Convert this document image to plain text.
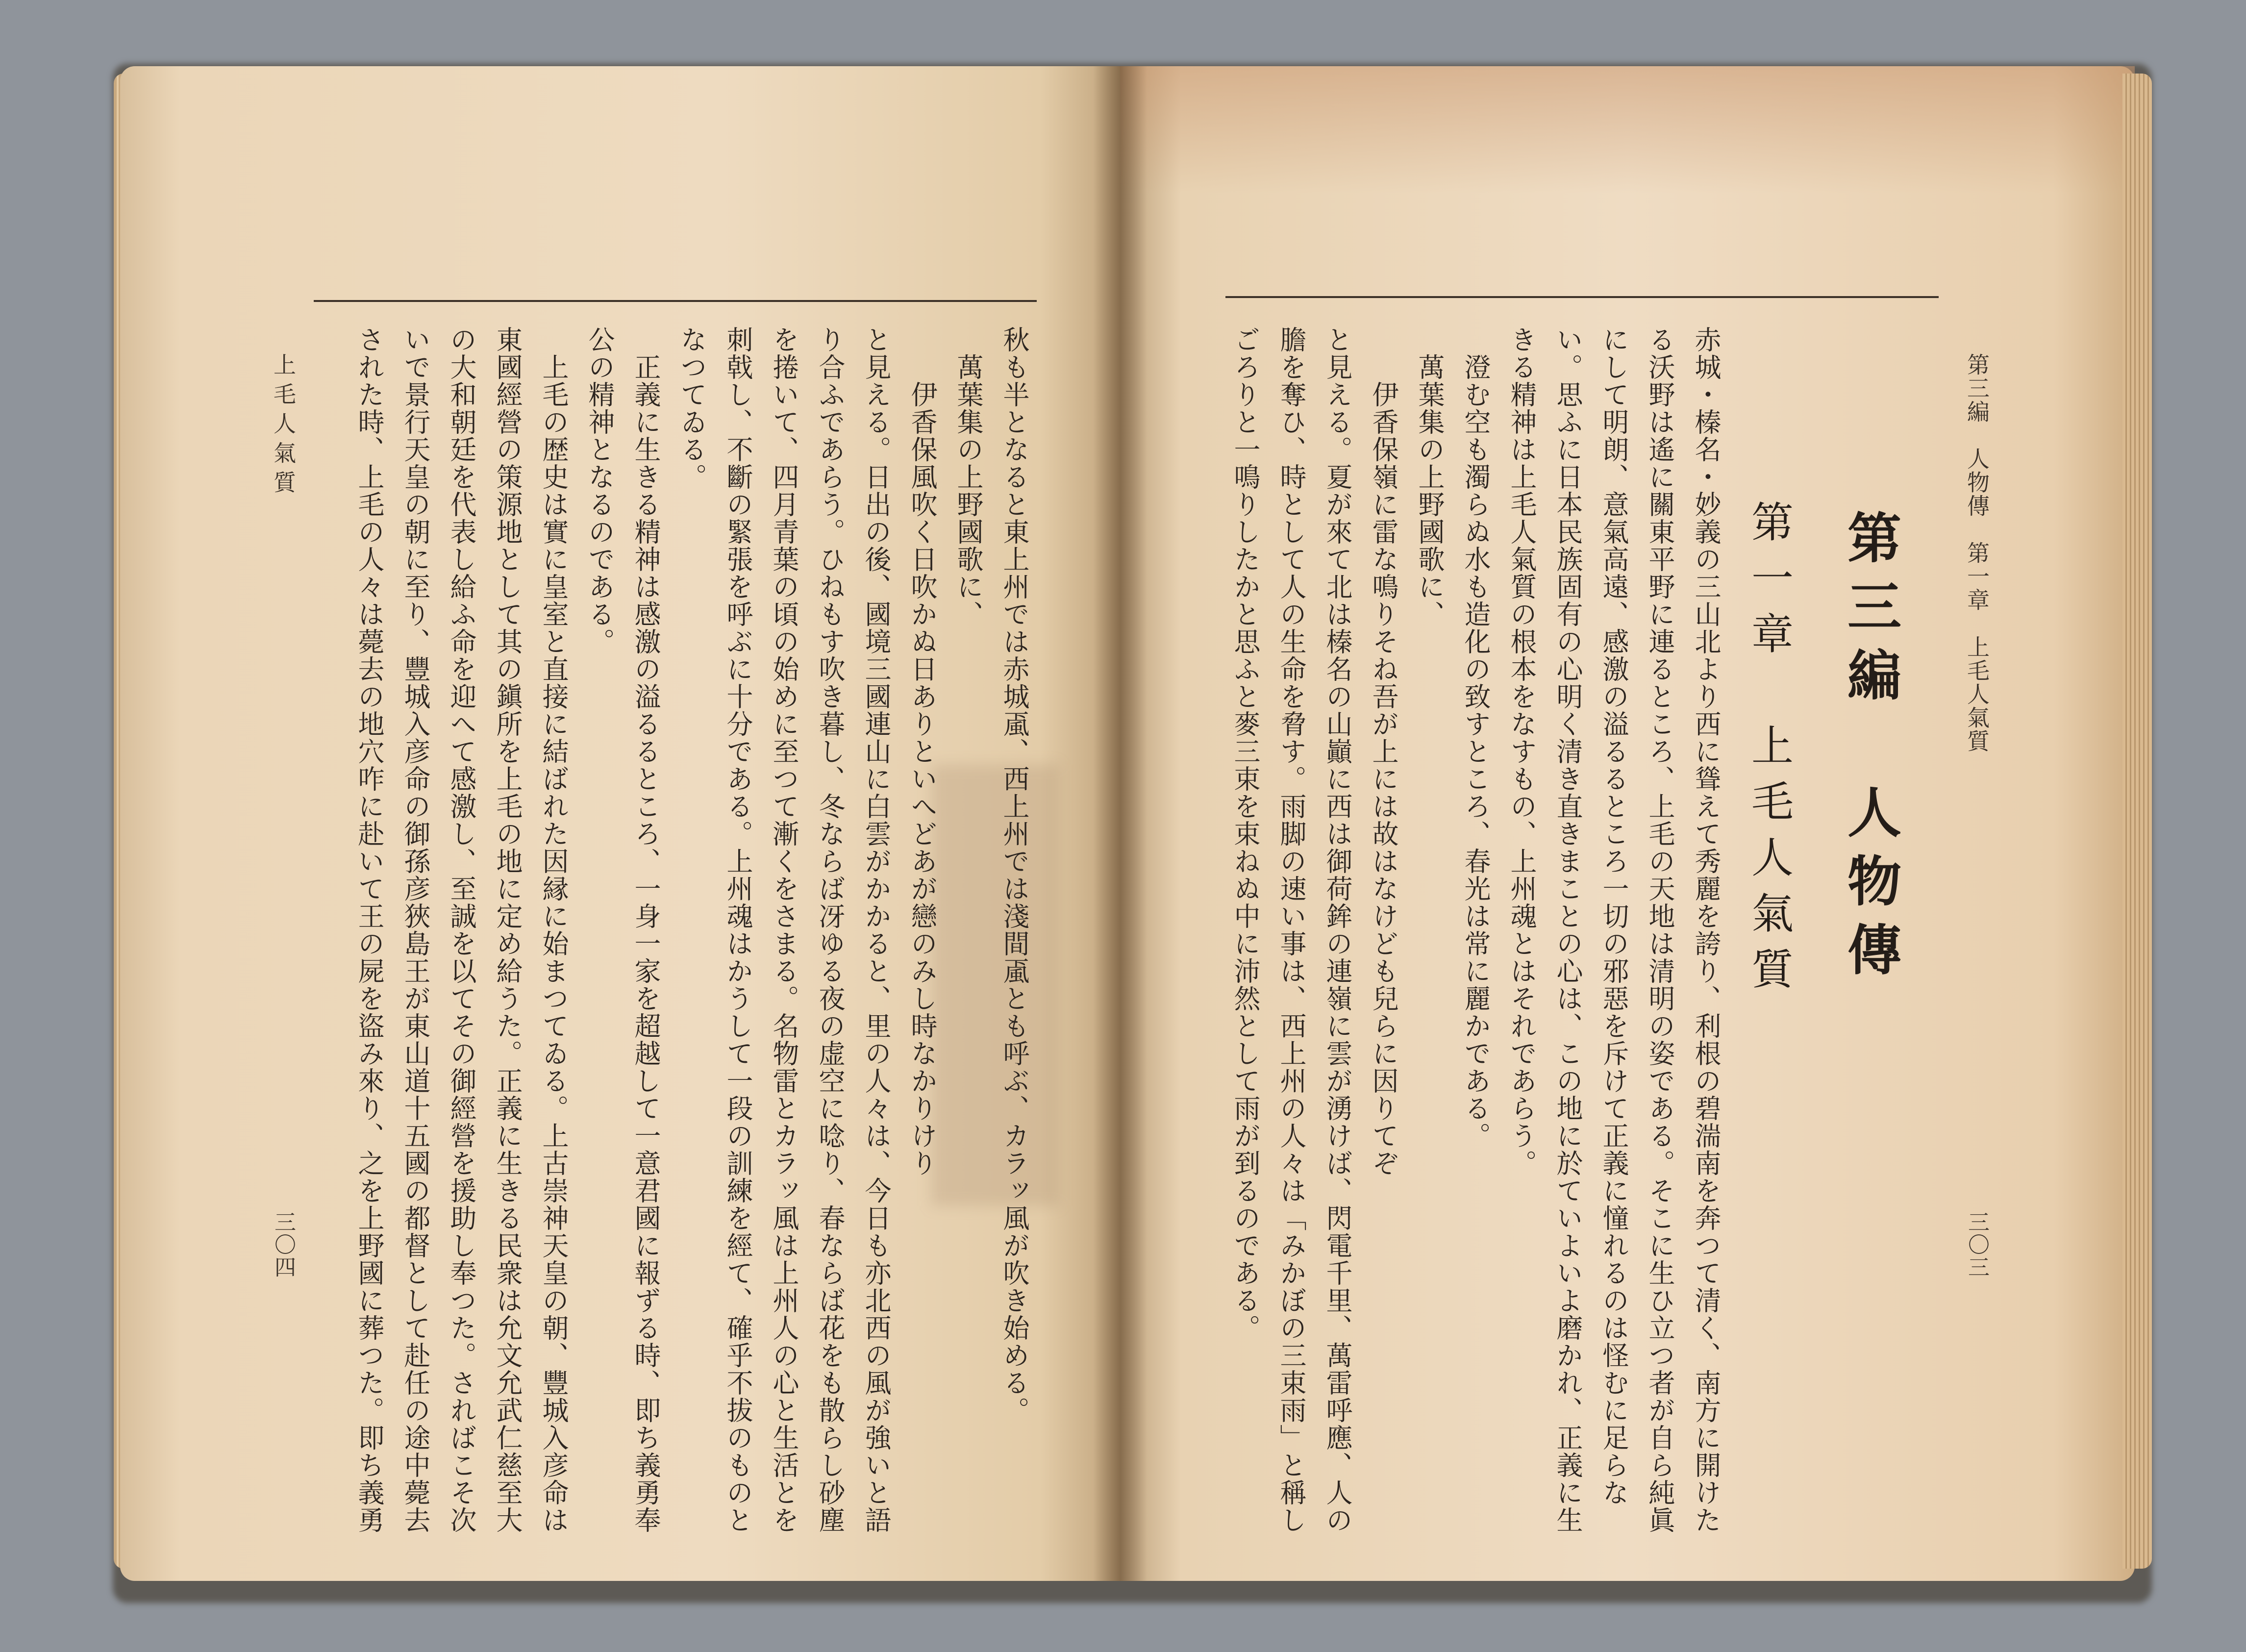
秋も半となると東上州では赤城颪、西上州では淺間颪とも呼ぶ、カラッ風が吹き始める。
　萬葉集の上野國歌に、
　　伊香保風吹く日吹かぬ日ありといへどあが戀のみし時なかりけり
と見える。日出の後、國境三國連山に白雲がかかると、里の人々は、今日も亦北西の風が強いと語
り合ふであらう。ひねもす吹き暮し、冬ならば冴ゆる夜の虚空に唸り、春ならば花をも散らし砂塵
を捲いて、四月青葉の頃の始めに至つて漸くをさまる。名物雷とカラッ風は上州人の心と生活とを
刺戟し、不斷の緊張を呼ぶに十分である。上州魂はかうして一段の訓練を經て、確乎不拔のものと
なつてゐる。
　正義に生きる精神は感激の溢るるところ、一身一家を超越して一意君國に報ずる時、即ち義勇奉
公の精神となるのである。
　上毛の歴史は實に皇室と直接に結ばれた因縁に始まつてゐる。上古崇神天皇の朝、豐城入彦命は
東國經營の策源地として其の鎭所を上毛の地に定め給うた。正義に生きる民衆は允文允武仁慈至大
の大和朝廷を代表し給ふ命を迎へて感激し、至誠を以てその御經營を援助し奉つた。さればこそ次
いで景行天皇の朝に至り、豐城入彦命の御孫彦狹島王が東山道十五國の都督として赴任の途中薨去
された時、上毛の人々は薨去の地穴咋に赴いて王の屍を盜み來り、之を上野國に葬つた。即ち義勇
上毛人氣質
三〇四
第三編　人物傳　第一章　上毛人氣質
三〇三
第三編　人物傳
第一章　上毛人氣質
赤城・榛名・妙義の三山北より西に聳えて秀麗を誇り、利根の碧湍南を奔つて清く、南方に開けた
る沃野は遙に關東平野に連るところ、上毛の天地は清明の姿である。そこに生ひ立つ者が自ら純眞
にして明朗、意氣高遠、感激の溢るるところ一切の邪惡を斥けて正義に憧れるのは怪むに足らな
い。思ふに日本民族固有の心明く清き直きまことの心は、この地に於ていよいよ磨かれ、正義に生
きる精神は上毛人氣質の根本をなすもの、上州魂とはそれであらう。
　澄む空も濁らぬ水も造化の致すところ、春光は常に麗かである。
　萬葉集の上野國歌に、
　　伊香保嶺に雷な鳴りそね吾が上には故はなけども兒らに因りてぞ
と見える。夏が來て北は榛名の山巓に西は御荷鉾の連嶺に雲が湧けば、閃電千里、萬雷呼應、人の
膽を奪ひ、時として人の生命を脅す。雨脚の速い事は、西上州の人々は「みかぼの三束雨」と稱し
ごろりと一鳴りしたかと思ふと麥三束を束ねぬ中に沛然として雨が到るのである。
